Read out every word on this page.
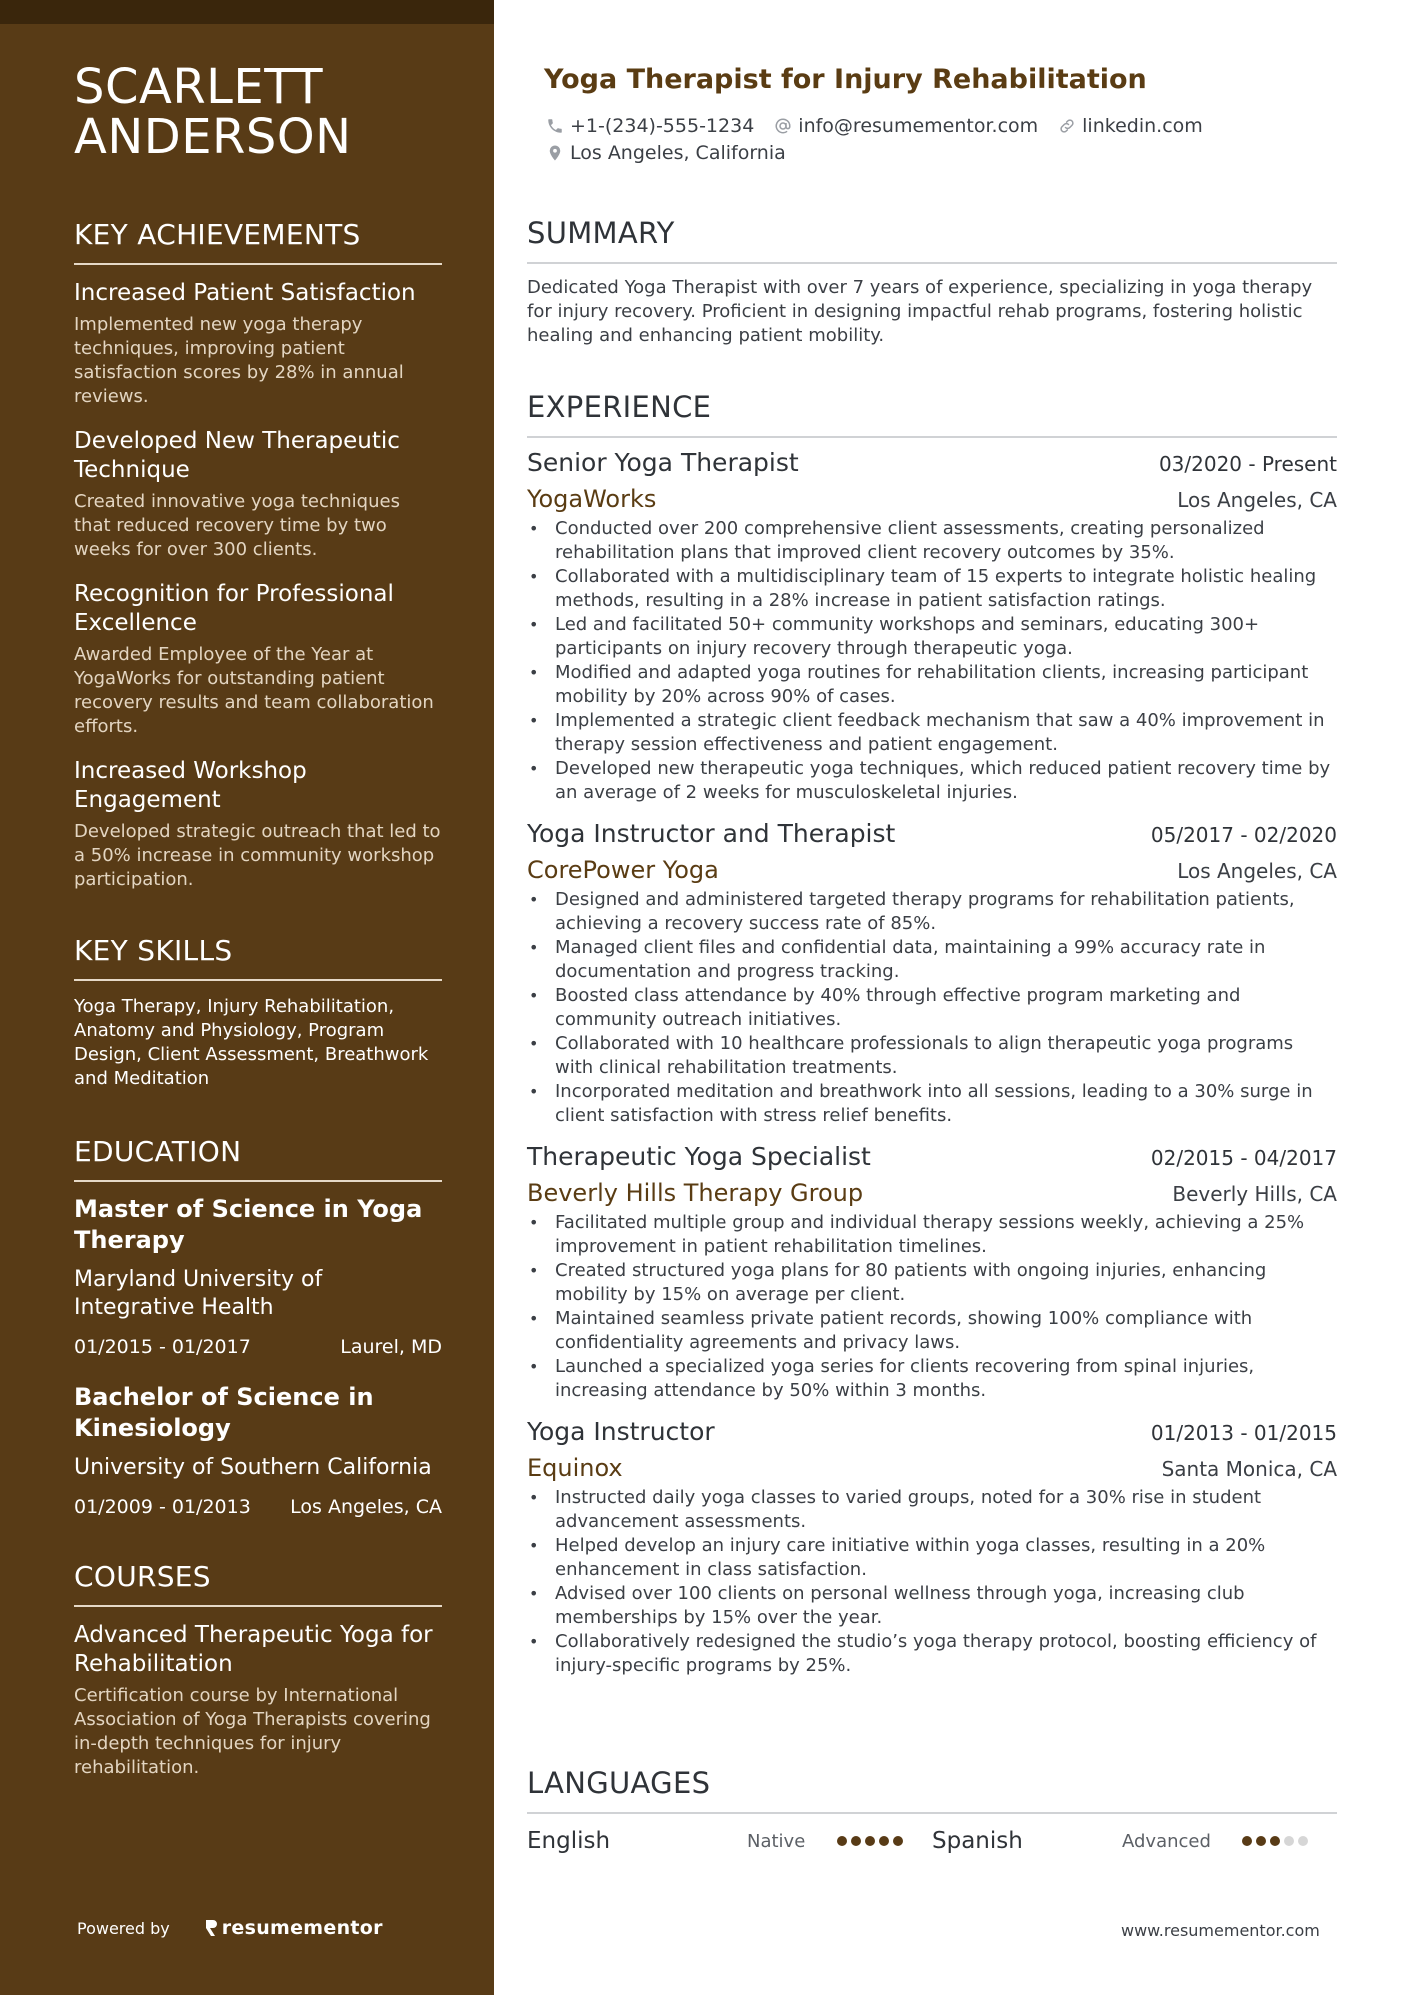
SCARLETT
ANDERSON
KEY ACHIEVEMENTS

Increased Patient Satisfaction

Implemented new yoga therapy techniques, improving patient satisfaction scores by 28% in annual reviews.

Developed New Therapeutic Technique

Created innovative yoga techniques that reduced recovery time by two weeks for over 300 clients.

Recognition for Professional Excellence

Awarded Employee of the Year at YogaWorks for outstanding patient recovery results and team collaboration efforts.

Increased Workshop Engagement

Developed strategic outreach that led to a 50% increase in community workshop participation.

KEY SKILLS
Yoga Therapy, Injury Rehabilitation, Anatomy and Physiology, Program Design, Client Assessment, Breathwork and Meditation
EDUCATION

Master of Science in Yoga Therapy

Maryland University of Integrative Health

01/2015 - 01/2017	Laurel, MD

Bachelor of Science in Kinesiology

University of Southern California

01/2009 - 01/2013 Los Angeles, CA
COURSES

Advanced Therapeutic Yoga for Rehabilitation

Certification course by International Association of Yoga Therapists covering in-depth techniques for injury rehabilitation.

Powered by	resumementor
Yoga Therapist for Injury Rehabilitation
+1-(234)-555-1234 info@resumementor.com linkedin.com
Los Angeles, California
SUMMARY
Dedicated Yoga Therapist with over 7 years of experience, specializing in yoga therapy for injury recovery. Proficient in designing impactful rehab programs, fostering holistic healing and enhancing patient mobility.
EXPERIENCE
Senior Yoga Therapist	03/2020 - Present
YogaWorks	Los Angeles, CA
• Conducted over 200 comprehensive client assessments, creating personalized rehabilitation plans that improved client recovery outcomes by 35%.
• Collaborated with a multidisciplinary team of 15 experts to integrate holistic healing methods, resulting in a 28% increase in patient satisfaction ratings.
• Led and facilitated 50+ community workshops and seminars, educating 300+ participants on injury recovery through therapeutic yoga.
• Modified and adapted yoga routines for rehabilitation clients, increasing participant mobility by 20% across 90% of cases.
• Implemented a strategic client feedback mechanism that saw a 40% improvement in therapy session effectiveness and patient engagement.
• Developed new therapeutic yoga techniques, which reduced patient recovery time by an average of 2 weeks for musculoskeletal injuries.
Yoga Instructor and Therapist	05/2017 - 02/2020
CorePower Yoga	Los Angeles, CA
• Designed and administered targeted therapy programs for rehabilitation patients, achieving a recovery success rate of 85%.
• Managed client files and confidential data, maintaining a 99% accuracy rate in documentation and progress tracking.
• Boosted class attendance by 40% through effective program marketing and community outreach initiatives.
• Collaborated with 10 healthcare professionals to align therapeutic yoga programs with clinical rehabilitation treatments.
• Incorporated meditation and breathwork into all sessions, leading to a 30% surge in client satisfaction with stress relief benefits.
Therapeutic Yoga Specialist	02/2015 - 04/2017
Beverly Hills Therapy Group	Beverly Hills, CA
• Facilitated multiple group and individual therapy sessions weekly, achieving a 25% improvement in patient rehabilitation timelines.
• Created structured yoga plans for 80 patients with ongoing injuries, enhancing mobility by 15% on average per client.
• Maintained seamless private patient records, showing 100% compliance with confidentiality agreements and privacy laws.
• Launched a specialized yoga series for clients recovering from spinal injuries, increasing attendance by 50% within 3 months.
Yoga Instructor	01/2013 - 01/2015
Equinox	Santa Monica, CA
• Instructed daily yoga classes to varied groups, noted for a 30% rise in student advancement assessments.
• Helped develop an injury care initiative within yoga classes, resulting in a 20% enhancement in class satisfaction.
• Advised over 100 clients on personal wellness through yoga, increasing club memberships by 15% over the year.
• Collaboratively redesigned the studio’s yoga therapy protocol, boosting efficiency of injury-specific programs by 25%.
LANGUAGES
English	Native	Spanish	Advanced
www.resumementor.com
